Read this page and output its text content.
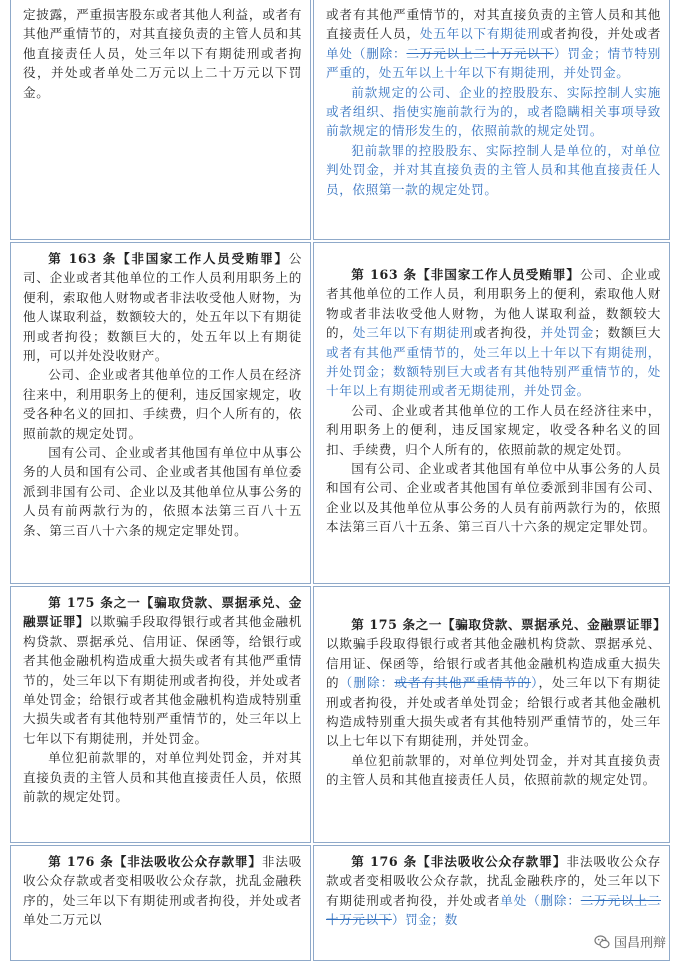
定披露，严重损害股东或者其他人利益，或者有其他严重情节的，对其直接负责的主管人员和其他直接责任人员，处三年以下有期徒刑或者拘役，并处或者单处二万元以上二十万元以下罚金。

或者有其他严重情节的，对其直接负责的主管人员和其他直接责任人员，处五年以下有期徒刑或者拘役，并处或者单处（删除：二万元以上二十万元以下）罚金；情节特别严重的，处五年以上十年以下有期徒刑，并处罚金。

前款规定的公司、企业的控股股东、实际控制人实施或者组织、指使实施前款行为的，或者隐瞒相关事项导致前款规定的情形发生的，依照前款的规定处罚。

犯前款罪的控股股东、实际控制人是单位的，对单位判处罚金，并对其直接负责的主管人员和其他直接责任人员，依照第一款的规定处罚。

第 163 条【非国家工作人员受贿罪】公司、企业或者其他单位的工作人员利用职务上的便利，索取他人财物或者非法收受他人财物，为他人谋取利益，数额较大的，处五年以下有期徒刑或者拘役；数额巨大的，处五年以上有期徒刑，可以并处没收财产。

公司、企业或者其他单位的工作人员在经济往来中，利用职务上的便利，违反国家规定，收受各种名义的回扣、手续费，归个人所有的，依照前款的规定处罚。

国有公司、企业或者其他国有单位中从事公务的人员和国有公司、企业或者其他国有单位委派到非国有公司、企业以及其他单位从事公务的人员有前两款行为的，依照本法第三百八十五条、第三百八十六条的规定定罪处罚。

第 163 条【非国家工作人员受贿罪】公司、企业或者其他单位的工作人员，利用职务上的便利，索取他人财物或者非法收受他人财物，为他人谋取利益，数额较大的，处三年以下有期徒刑或者拘役，并处罚金；数额巨大或者有其他严重情节的，处三年以上十年以下有期徒刑，并处罚金；数额特别巨大或者有其他特别严重情节的，处十年以上有期徒刑或者无期徒刑，并处罚金。

公司、企业或者其他单位的工作人员在经济往来中，利用职务上的便利，违反国家规定，收受各种名义的回扣、手续费，归个人所有的，依照前款的规定处罚。

国有公司、企业或者其他国有单位中从事公务的人员和国有公司、企业或者其他国有单位委派到非国有公司、企业以及其他单位从事公务的人员有前两款行为的，依照本法第三百八十五条、第三百八十六条的规定定罪处罚。

第 175 条之一【骗取贷款、票据承兑、金融票证罪】以欺骗手段取得银行或者其他金融机构贷款、票据承兑、信用证、保函等，给银行或者其他金融机构造成重大损失或者有其他严重情节的，处三年以下有期徒刑或者拘役，并处或者单处罚金；给银行或者其他金融机构造成特别重大损失或者有其他特别严重情节的，处三年以上七年以下有期徒刑，并处罚金。

单位犯前款罪的，对单位判处罚金，并对其直接负责的主管人员和其他直接责任人员，依照前款的规定处罚。

第 175 条之一【骗取贷款、票据承兑、金融票证罪】以欺骗手段取得银行或者其他金融机构贷款、票据承兑、信用证、保函等，给银行或者其他金融机构造成重大损失的（删除：或者有其他严重情节的），处三年以下有期徒刑或者拘役，并处或者单处罚金；给银行或者其他金融机构造成特别重大损失或者有其他特别严重情节的，处三年以上七年以下有期徒刑，并处罚金。

单位犯前款罪的，对单位判处罚金，并对其直接负责的主管人员和其他直接责任人员，依照前款的规定处罚。

第 176 条【非法吸收公众存款罪】非法吸收公众存款或者变相吸收公众存款，扰乱金融秩序的，处三年以下有期徒刑或者拘役，并处或者单处二万元以

第 176 条【非法吸收公众存款罪】非法吸收公众存款或者变相吸收公众存款，扰乱金融秩序的，处三年以下有期徒刑或者拘役，并处或者单处（删除：二万元以上二十万元以下）罚金；数

国昌刑辩
